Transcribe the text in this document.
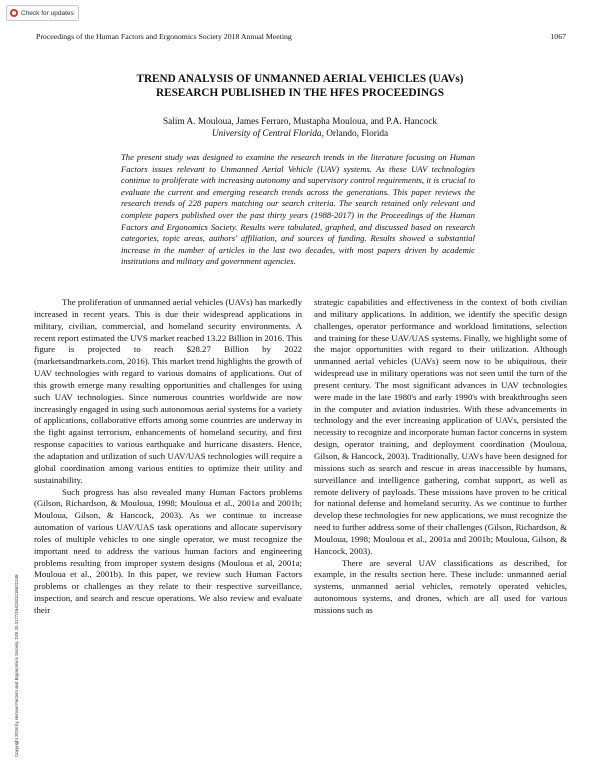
Check for updates
Proceedings of the Human Factors and Ergonomics Society 2018 Annual Meeting	1067
TREND ANALYSIS OF UNMANNED AERIAL VEHICLES (UAVs)
RESEARCH PUBLISHED IN THE HFES PROCEEDINGS
Salim A. Mouloua, James Ferraro, Mustapha Mouloua, and P.A. Hancock
University of Central Florida, Orlando, Florida

The present study was designed to examine the research trends in the literature focusing on Human Factors issues relevant to Unmanned Aerial Vehicle (UAV) systems. As these UAV technologies continue to proliferate with increasing autonomy and supervisory control requirements, it is crucial to evaluate the current and emerging research trends across the generations. This paper reviews the research trends of 228 papers matching our search criteria. The search retained only relevant and complete papers published over the past thirty years (1988-2017) in the Proceedings of the Human Factors and Ergonomics Society. Results were tabulated, graphed, and discussed based on research categories, topic areas, authors' affiliation, and sources of funding. Results showed a substantial increase in the number of articles in the last two decades, with most papers driven by academic institutions and military and government agencies.

The proliferation of unmanned aerial vehicles (UAVs) has markedly increased in recent years. This is due their widespread applications in military, civilian, commercial, and homeland security environments. A recent report estimated the UVS market reached 13.22 Billion in 2016. This figure is projected to reach $28.27 Billion by 2022 (marketsandmarkets.com, 2016). This market trend highlights the growth of UAV technologies with regard to various domains of applications. Out of this growth emerge many resulting opportunities and challenges for using such UAV technologies. Since numerous countries worldwide are now increasingly engaged in using such autonomous aerial systems for a variety of applications, collaborative efforts among some countries are underway in the fight against terrorism, enhancements of homeland security, and first response capacities to various earthquake and hurricane disasters. Hence, the adaptation and utilization of such UAV/UAS technologies will require a global coordination among various entities to optimize their utility and sustainability.

Such progress has also revealed many Human Factors problems (Gilson, Richardson, & Mouloua, 1998; Mouloua et al., 2001a and 2001b; Mouloua, Gilson, & Hancock, 2003). As we continue to increase automation of various UAV/UAS task operations and allocate supervisory roles of multiple vehicles to one single operator, we must recognize the important need to address the various human factors and engineering problems resulting from improper system designs (Mouloua et al, 2001a; Mouloua et al., 2001b). In this paper, we review such Human Factors problems or challenges as they relate to their respective surveillance, inspection, and search and rescue operations. We also review and evaluate their

strategic capabilities and effectiveness in the context of both civilian and military applications. In addition, we identify the specific design challenges, operator performance and workload limitations, selection and training for these UAV/UAS systems. Finally, we highlight some of the major opportunities with regard to their utilization. Although unmanned aerial vehicles (UAVs) seem now to be ubiquitous, their widespread use in military operations was not seen until the turn of the present century. The most significant advances in UAV technologies were made in the late 1980's and early 1990's with breakthroughs seen in the computer and aviation industries. With these advancements in technology and the ever increasing application of UAVs, persisted the necessity to recognize and incorporate human factor concerns in system design, operator training, and deployment coordination (Mouloua, Gilson, & Hancock, 2003). Traditionally, UAVs have been designed for missions such as search and rescue in areas inaccessible by humans, surveillance and intelligence gathering, combat support, as well as remote delivery of payloads. These missions have proven to be critical for national defense and homeland security. As we continue to further develop these technologies for new applications, we must recognize the need to further address some of their challenges (Gilson, Richardson, & Mouloua, 1998; Mouloua et al., 2001a and 2001b; Mouloua, Gilson, & Hancock, 2003).

There are several UAV classifications as described, for example, in the results section here. These include: unmanned aerial systems, unmanned aerial vehicles, remotely operated vehicles, autonomous systems, and drones, which are all used for various missions such as

Copyright 2018 by Human Factors and Ergonomics Society. DOI 10.1177/1541931218621245
